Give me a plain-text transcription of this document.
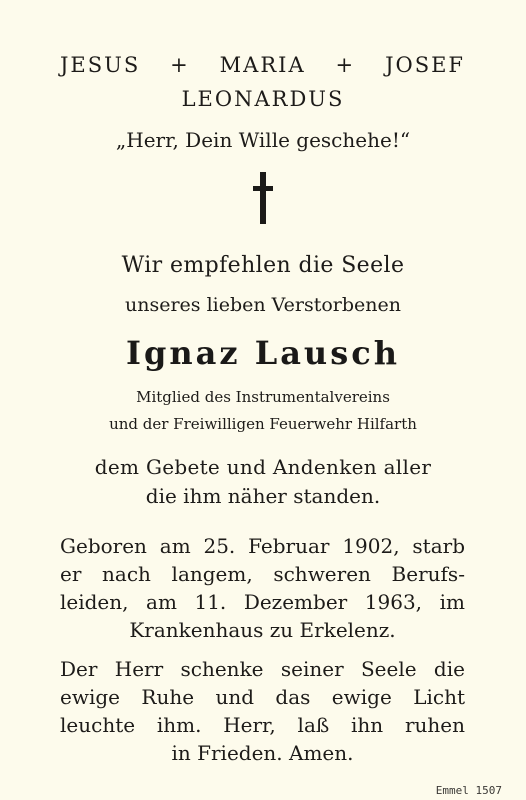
JESUS + MARIA + JOSEF
LEONARDUS
„Herr, Dein Wille geschehe!“
Wir empfehlen die Seele
unseres lieben Verstorbenen
Ignaz Lausch
Mitglied des Instrumentalvereins
und der Freiwilligen Feuerwehr Hilfarth
dem Gebete und Andenken aller
die ihm näher standen.
Geboren am 25. Februar 1902, starb
er nach langem, schweren Berufs-
leiden, am 11. Dezember 1963, im
Krankenhaus zu Erkelenz.
Der Herr schenke seiner Seele die
ewige Ruhe und das ewige Licht
leuchte ihm. Herr, laß ihn ruhen
in Frieden. Amen.
Emmel 1507
